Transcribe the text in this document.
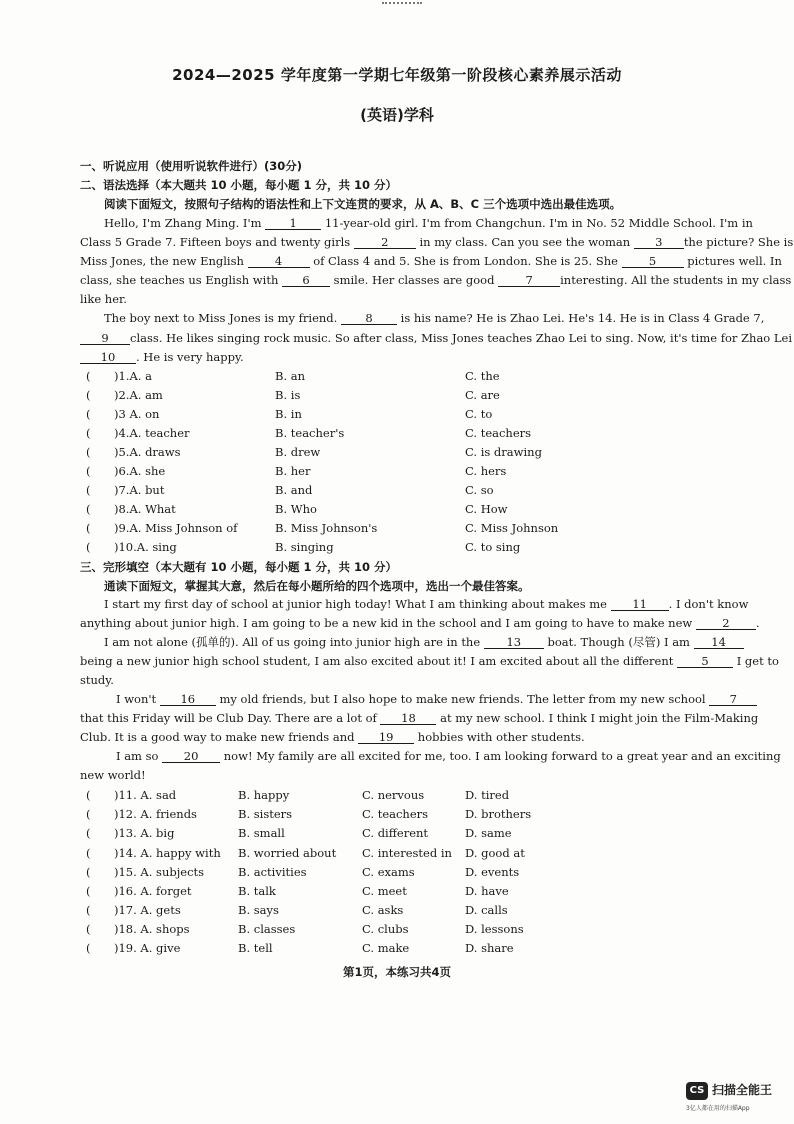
2024—2025 学年度第一学期七年级第一阶段核心素养展示活动
(英语)学科
一、听说应用（使用听说软件进行）(30分)
二、语法选择（本大题共 10 小题，每小题 1 分，共 10 分）
阅读下面短文，按照句子结构的语法性和上下文连贯的要求，从 A、B、C 三个选项中选出最佳选项。
Hello, I'm Zhang Ming. I'm 1 11-year-old girl. I'm from Changchun. I'm in No. 52 Middle School. I'm in
Class 5 Grade 7. Fifteen boys and twenty girls 2 in my class. Can you see the woman 3 the picture? She is
Miss Jones, the new English 4 of Class 4 and 5. She is from London. She is 25. She 5 pictures well. In
class, she teaches us English with 6 smile. Her classes are good 7 interesting. All the students in my class
like her.
The boy next to Miss Jones is my friend. 8 is his name? He is Zhao Lei. He's 14. He is in Class 4 Grade 7,
9 class. He likes singing rock music. So after class, Miss Jones teaches Zhao Lei to sing. Now, it's time for Zhao Lei
10 . He is very happy.
( )1.A. a	B. an	C. the
( )2.A. am	B. is	C. are
( )3 A. on	B. in	C. to
( )4.A. teacher	B. teacher's	C. teachers
( )5.A. draws	B. drew	C. is drawing
( )6.A. she	B. her	C. hers
( )7.A. but	B. and	C. so
( )8.A. What	B. Who	C. How
( )9.A. Miss Johnson of	B. Miss Johnson's	C. Miss Johnson
( )10.A. sing	B. singing	C. to sing
三、完形填空（本大题有 10 小题，每小题 1 分，共 10 分）
通读下面短文，掌握其大意，然后在每小题所给的四个选项中，选出一个最佳答案。
I start my first day of school at junior high today! What I am thinking about makes me 11 . I don't know
anything about junior high. I am going to be a new kid in the school and I am going to have to make new 2 .
I am not alone (孤单的). All of us going into junior high are in the 13 boat. Though (尽管) I am 14
being a new junior high school student, I am also excited about it! I am excited about all the different 5 I get to
study.
I won't 16 my old friends, but I also hope to make new friends. The letter from my new school 7
that this Friday will be Club Day. There are a lot of 18 at my new school. I think I might join the Film-Making
Club. It is a good way to make new friends and 19 hobbies with other students.
I am so 20 now! My family are all excited for me, too. I am looking forward to a great year and an exciting
new world!
( )11. A. sad	B. happy	C. nervous	D. tired
( )12. A. friends	B. sisters	C. teachers	D. brothers
( )13. A. big	B. small	C. different	D. same
( )14. A. happy with B. worried about C. interested in D. good at
( )15. A. subjects	B. activities	C. exams	D. events
( )16. A. forget	B. talk	C. meet	D. have
( )17. A. gets	B. says	C. asks	D. calls
( )18. A. shops	B. classes	C. clubs	D. lessons
( )19. A. give	B. tell	C. make	D. share
第1页，本练习共4页
CS 扫描全能王
3亿人都在用的扫描App
